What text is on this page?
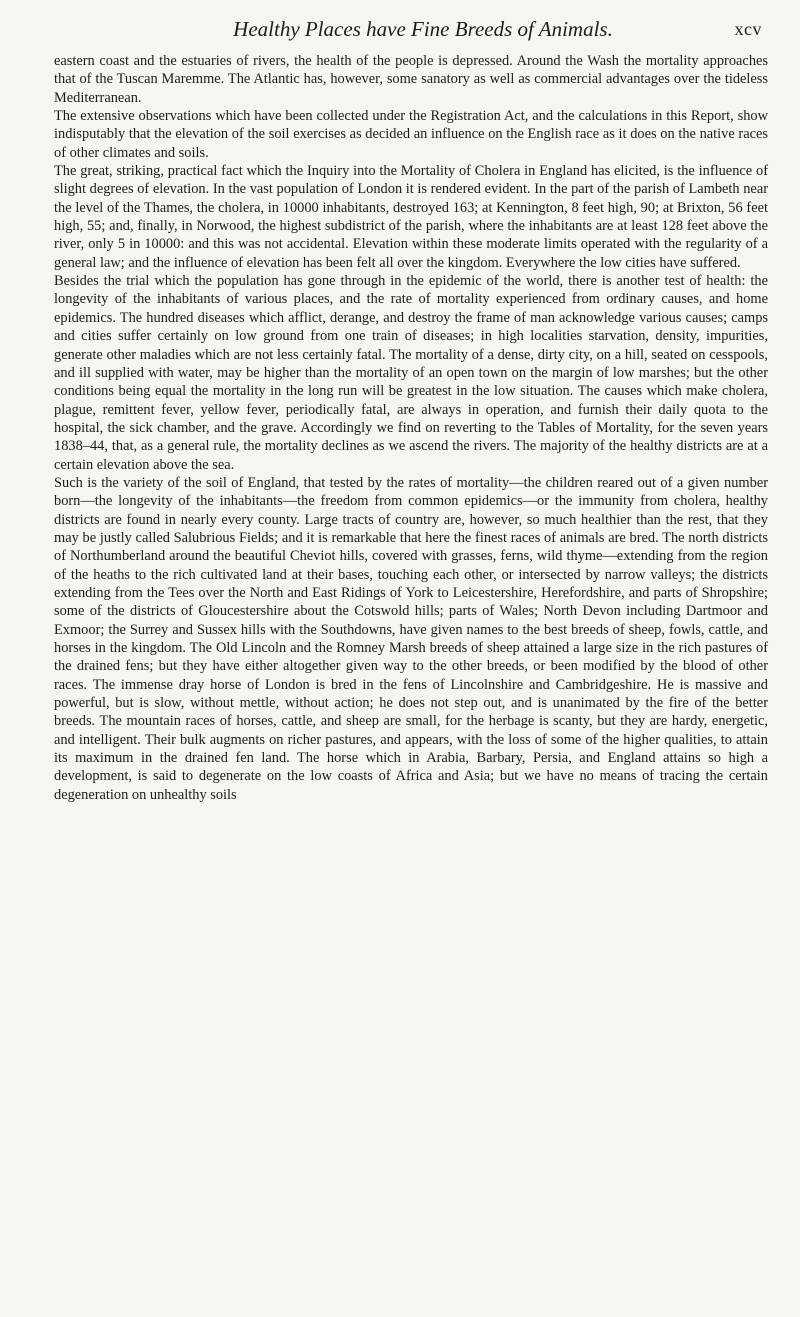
Healthy Places have Fine Breeds of Animals.	xcv

eastern coast and the estuaries of rivers, the health of the people is depressed. Around the Wash the mortality approaches that of the Tuscan Maremme. The Atlantic has, however, some sanatory as well as commercial advantages over the tideless Mediterranean.

The extensive observations which have been collected under the Registration Act, and the calculations in this Report, show indisputably that the elevation of the soil exercises as decided an influence on the English race as it does on the native races of other climates and soils.

The great, striking, practical fact which the Inquiry into the Mortality of Cholera in England has elicited, is the influence of slight degrees of elevation. In the vast population of London it is rendered evident. In the part of the parish of Lambeth near the level of the Thames, the cholera, in 10000 inhabitants, destroyed 163; at Kennington, 8 feet high, 90; at Brixton, 56 feet high, 55; and, finally, in Norwood, the highest subdistrict of the parish, where the inhabitants are at least 128 feet above the river, only 5 in 10000: and this was not accidental. Elevation within these moderate limits operated with the regularity of a general law; and the influence of elevation has been felt all over the kingdom. Everywhere the low cities have suffered.

Besides the trial which the population has gone through in the epidemic of the world, there is another test of health: the longevity of the inhabitants of various places, and the rate of mortality experienced from ordinary causes, and home epidemics. The hundred diseases which afflict, derange, and destroy the frame of man acknowledge various causes; camps and cities suffer certainly on low ground from one train of diseases; in high localities starvation, density, impurities, generate other maladies which are not less certainly fatal. The mortality of a dense, dirty city, on a hill, seated on cesspools, and ill supplied with water, may be higher than the mortality of an open town on the margin of low marshes; but the other conditions being equal the mortality in the long run will be greatest in the low situation. The causes which make cholera, plague, remittent fever, yellow fever, periodically fatal, are always in operation, and furnish their daily quota to the hospital, the sick chamber, and the grave. Accordingly we find on reverting to the Tables of Mortality, for the seven years 1838–44, that, as a general rule, the mortality declines as we ascend the rivers. The majority of the healthy districts are at a certain elevation above the sea.

Such is the variety of the soil of England, that tested by the rates of mortality—the children reared out of a given number born—the longevity of the inhabitants—the freedom from common epidemics—or the immunity from cholera, healthy districts are found in nearly every county. Large tracts of country are, however, so much healthier than the rest, that they may be justly called Salubrious Fields; and it is remarkable that here the finest races of animals are bred. The north districts of Northumberland around the beautiful Cheviot hills, covered with grasses, ferns, wild thyme—extending from the region of the heaths to the rich cultivated land at their bases, touching each other, or intersected by narrow valleys; the districts extending from the Tees over the North and East Ridings of York to Leicestershire, Herefordshire, and parts of Shropshire; some of the districts of Gloucestershire about the Cotswold hills; parts of Wales; North Devon including Dartmoor and Exmoor; the Surrey and Sussex hills with the Southdowns, have given names to the best breeds of sheep, fowls, cattle, and horses in the kingdom. The Old Lincoln and the Romney Marsh breeds of sheep attained a large size in the rich pastures of the drained fens; but they have either altogether given way to the other breeds, or been modified by the blood of other races. The immense dray horse of London is bred in the fens of Lincolnshire and Cambridgeshire. He is massive and powerful, but is slow, without mettle, without action; he does not step out, and is unanimated by the fire of the better breeds. The mountain races of horses, cattle, and sheep are small, for the herbage is scanty, but they are hardy, energetic, and intelligent. Their bulk augments on richer pastures, and appears, with the loss of some of the higher qualities, to attain its maximum in the drained fen land. The horse which in Arabia, Barbary, Persia, and England attains so high a development, is said to degenerate on the low coasts of Africa and Asia; but we have no means of tracing the certain degeneration on unhealthy soils
